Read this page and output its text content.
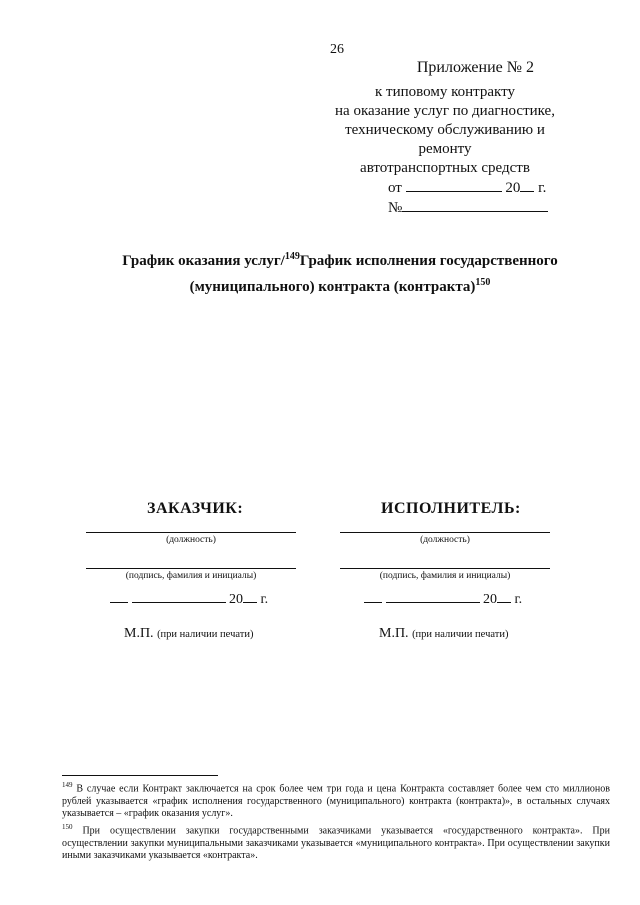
26
Приложение № 2
к типовому контракту
на оказание услуг по диагностике,
техническому обслуживанию и ремонту
автотранспортных средств
от	20 г.
№
График оказания услуг/$^{149}$График исполнения государственного
(муниципального) контракта (контракта)$^{150}$
ЗАКАЗЧИК:
(должность)
(подпись, фамилия и инициалы)
20 г.
М.П. (при наличии печати)
ИСПОЛНИТЕЛЬ:
(должность)
(подпись, фамилия и инициалы)
20 г.
М.П. (при наличии печати)

$^{149}$ В случае если Контракт заключается на срок более чем три года и цена Контракта составляет более чем сто миллионов рублей указывается «график исполнения государственного (муниципального) контракта (контракта)», в остальных случаях указывается – «график оказания услуг».

$^{150}$ При осуществлении закупки государственными заказчиками указывается «государственного контракта». При осуществлении закупки муниципальными заказчиками указывается «муниципального контракта». При осуществлении закупки иными заказчиками указывается «контракта».
